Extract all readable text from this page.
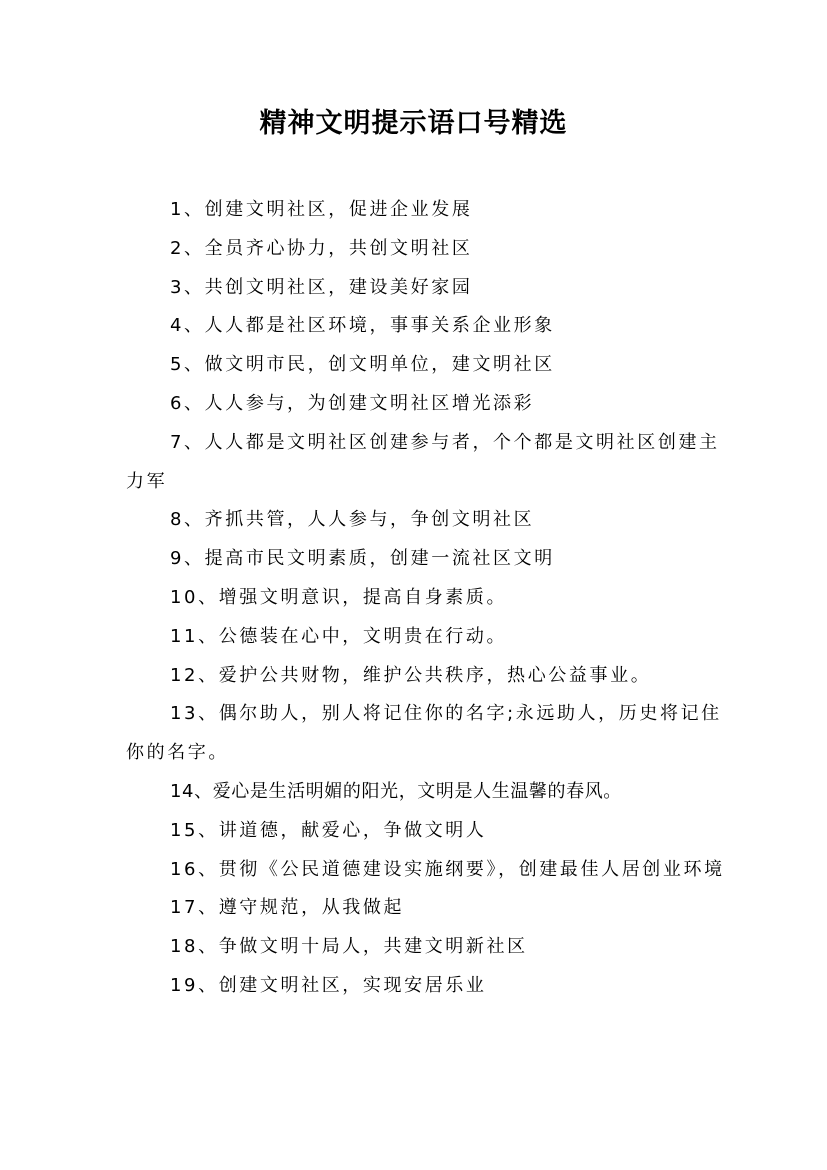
精神文明提示语口号精选
1、创建文明社区，促进企业发展
2、全员齐心协力，共创文明社区
3、共创文明社区，建设美好家园
4、人人都是社区环境，事事关系企业形象
5、做文明市民，创文明单位，建文明社区
6、人人参与，为创建文明社区增光添彩
7、人人都是文明社区创建参与者，个个都是文明社区创建主力军
8、齐抓共管，人人参与，争创文明社区
9、提高市民文明素质，创建一流社区文明
10、增强文明意识，提高自身素质。
11、公德装在心中，文明贵在行动。
12、爱护公共财物，维护公共秩序，热心公益事业。
13、偶尔助人，别人将记住你的名字;永远助人，历史将记住你的名字。
14、爱心是生活明媚的阳光，文明是人生温馨的春风。
15、讲道德，献爱心，争做文明人
16、贯彻《公民道德建设实施纲要》，创建最佳人居创业环境
17、遵守规范，从我做起
18、争做文明十局人，共建文明新社区
19、创建文明社区，实现安居乐业
